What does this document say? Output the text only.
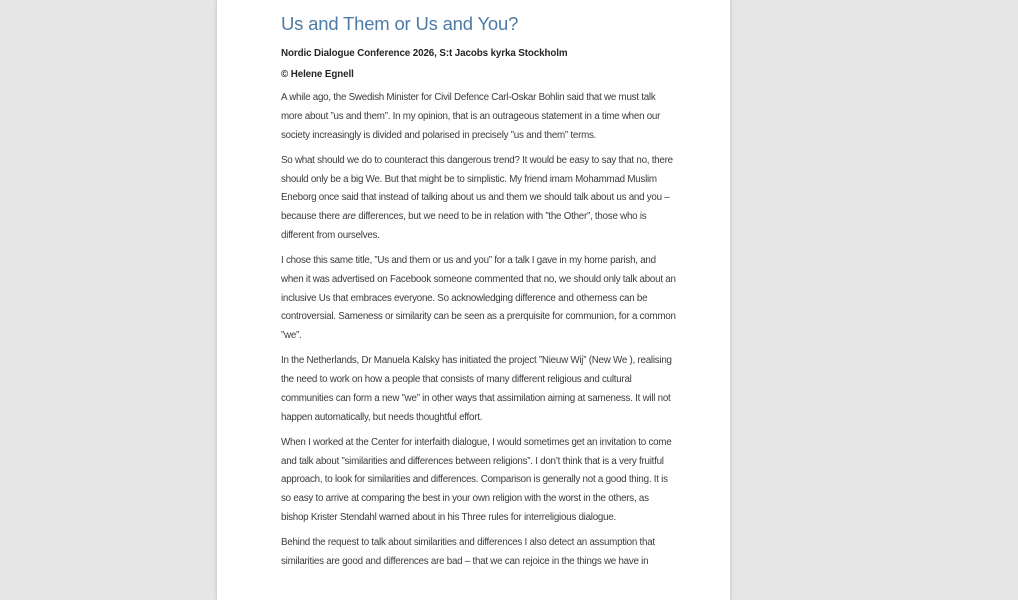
Us and Them or Us and You?

Nordic Dialogue Conference 2026, S:t Jacobs kyrka Stockholm

© Helene Egnell

A while ago, the Swedish Minister for Civil Defence Carl-Oskar Bohlin said that we must talk more about ”us and them”. In my opinion, that is an outrageous statement in a time when our society increasingly is divided and polarised in precisely ”us and them” terms.

So what should we do to counteract this dangerous trend? It would be easy to say that no, there should only be a big We. But that might be to simplistic. My friend imam Mohammad Muslim Eneborg once said that instead of talking about us and them we should talk about us and you – because there are differences, but we need to be in relation with ”the Other”, those who is different from ourselves.

I chose this same title, ”Us and them or us and you” for a talk I gave in my home parish, and when it was advertised on Facebook someone commented that no, we should only talk about an inclusive Us that embraces everyone. So acknowledging difference and otherness can be controversial. Sameness or similarity can be seen as a prerquisite for communion, for a common ”we”.

In the Netherlands, Dr Manuela Kalsky has initiated the project ”Nieuw Wij” (New We ), realising the need to work on how a people that consists of many different religious and cultural communities can form a new ”we” in other ways that assimilation aiming at sameness. It will not happen automatically, but needs thoughtful effort.

When I worked at the Center for interfaith dialogue, I would sometimes get an invitation to come and talk about ”similarities and differences between religions”. I don’t think that is a very fruitful approach, to look for similarities and differences. Comparison is generally not a good thing. It is so easy to arrive at comparing the best in your own religion with the worst in the others, as bishop Krister Stendahl warned about in his Three rules for interreligious dialogue.

Behind the request to talk about similarities and differences I also detect an assumption that similarities are good and differences are bad – that we can rejoice in the things we have in
